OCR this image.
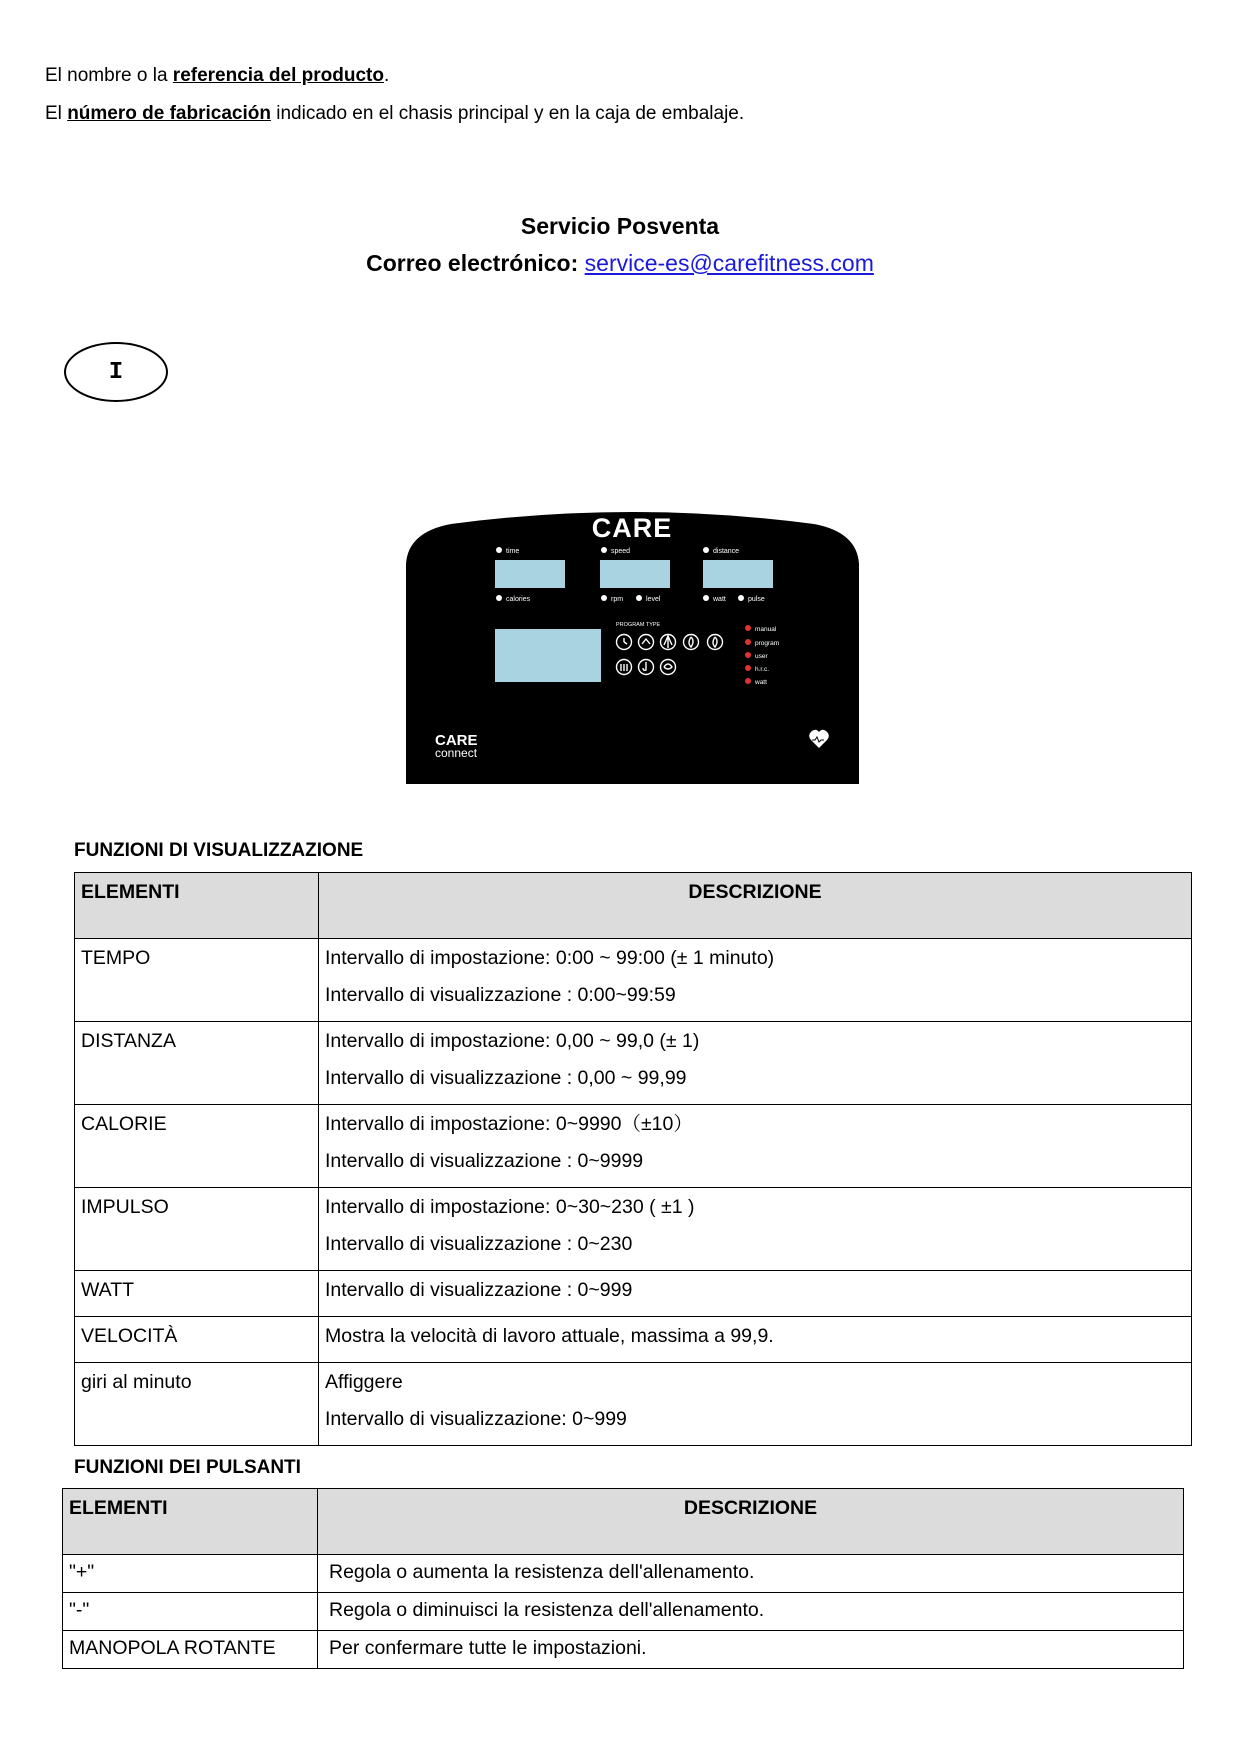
El nombre o la referencia del producto.
El número de fabricación indicado en el chasis principal y en la caja de embalaje.
Servicio Posventa
Correo electrónico: service-es@carefitness.com
I
CARE
time	speed	distance
calories	rpm	level	watt	pulse
PROGRAM TYPE
manual
program
user
h.r.c.
watt
CARE
connect
FUNZIONI DI VISUALIZZAZIONE
ELEMENTI	DESCRIZIONE
TEMPO	Intervallo di impostazione: 0:00 ~ 99:00 (± 1 minuto)

Intervallo di visualizzazione : 0:00~99:59

DISTANZA	Intervallo di impostazione: 0,00 ~ 99,0 (± 1)

Intervallo di visualizzazione : 0,00 ~ 99,99

CALORIE	Intervallo di impostazione: 0~9990（±10）

Intervallo di visualizzazione : 0~9999

IMPULSO	Intervallo di impostazione: 0~30~230 ( ±1 )

Intervallo di visualizzazione : 0~230

WATT	Intervallo di visualizzazione : 0~999

VELOCITÀ	Mostra la velocità di lavoro attuale, massima a 99,9.

giri al minuto	Affiggere

Intervallo di visualizzazione: 0~999

FUNZIONI DEI PULSANTI
ELEMENTI	DESCRIZIONE
"+"	Regola o aumenta la resistenza dell'allenamento.
"-"	Regola o diminuisci la resistenza dell'allenamento.
MANOPOLA ROTANTE	Per confermare tutte le impostazioni.
